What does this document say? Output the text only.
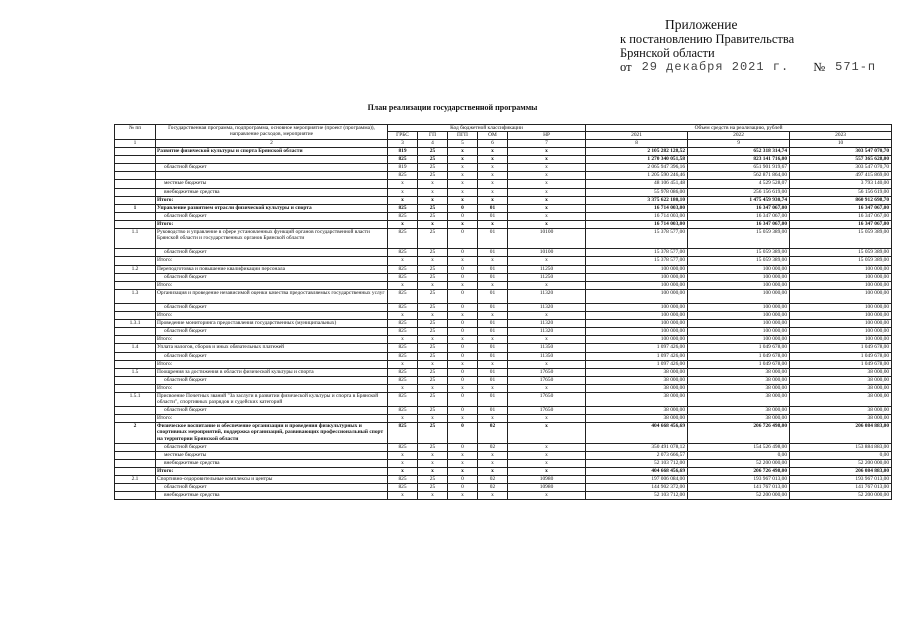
Приложение
к постановлению Правительства
Брянской области
от 29 декабря 2021 г. № 571-п
План реализации государственной программы
№ пп	Государственная программа, подпрограмма, основное мероприятие (проект (программа)), направление расходов, мероприятие	Код бюджетной классификации					Объем средств на реализацию, рублей		
		ГРБС	ГП	ПГП	ОМ	НР	2021	2022	2023
1	2	3	4	5	6	7	8	9	10
	Развитие физической культуры и спорта Брянской области	819	25	х	х	х	2 105 282 128,52	652 318 314,74	303 547 070,70
		825	25	х	х	х	1 270 340 051,58	823 141 716,00	557 365 628,00
	областной бюджет	819	25	х	х	х	2 065 947 396,16	651 901 919,67	303 547 070,70
		825	25	х	х	х	1 205 590 246,46	562 871 864,00	497 415 869,00
	местные бюджеты	х	х	х	х	х	48 106 451,48	4 529 528,07	3 793 140,00
	внебюджетные средства	х	х	х	х	х	55 978 086,00	256 156 619,00	56 156 619,00
	Итого:	х	х	х	х	х	3 375 622 180,10	1 475 459 930,74	860 912 698,70
1	Управление развитием отрасли физической культуры и спорта	825	25	0	01	х	16 714 003,00	16 347 067,00	16 347 067,00
	областной бюджет	825	25	0	01	х	16 714 003,00	16 347 067,00	16 347 067,00
	Итого:	х	х	х	х	х	16 714 003,00	16 347 067,00	16 347 067,00
1.1	Руководство и управление в сфере установленных функций органов государственной власти Брянской области и государственных органов Брянской области	825	25	0	01	10100	15 378 577,00	15 059 389,00	15 059 389,00
	областной бюджет	825	25	0	01	10100	15 378 577,00	15 059 389,00	15 059 389,00
	Итого:	х	х	х	х	х	15 378 577,00	15 059 389,00	15 059 389,00
1.2	Переподготовка и повышение квалификации персонала	825	25	0	01	11250	100 000,00	100 000,00	100 000,00
	областной бюджет	825	25	0	01	11250	100 000,00	100 000,00	100 000,00
	Итого:	х	х	х	х	х	100 000,00	100 000,00	100 000,00
1.3	Организация и проведение независимой оценки качества предоставляемых государственных услуг	825	25	0	01	11320	100 000,00	100 000,00	100 000,00
	областной бюджет	825	25	0	01	11320	100 000,00	100 000,00	100 000,00
	Итого:	х	х	х	х	х	100 000,00	100 000,00	100 000,00
1.3.1	Проведение мониторинга предоставления государственных (муниципальных)	825	25	0	01	11320	100 000,00	100 000,00	100 000,00
	областной бюджет	825	25	0	01	11320	100 000,00	100 000,00	100 000,00
	Итого:	х	х	х	х	х	100 000,00	100 000,00	100 000,00
1.4	Уплата налогов, сборов и иных обязательных платежей	825	25	0	01	11350	1 097 426,00	1 049 678,00	1 049 678,00
	областной бюджет	825	25	0	01	11350	1 097 426,00	1 049 678,00	1 049 678,00
	Итого:	х	х	х	х	х	1 097 426,00	1 049 678,00	1 049 678,00
1.5	Поощрения за достижения в области физической культуры и спорта	825	25	0	01	17650	38 000,00	38 000,00	38 000,00
	областной бюджет	825	25	0	01	17650	38 000,00	38 000,00	38 000,00
	Итого:	х	х	х	х	х	38 000,00	38 000,00	38 000,00
1.5.1	Присвоение Почетных званий "За заслуги в развитии физической культуры и спорта в Брянской области", спортивных разрядов и судейских категорий	825	25	0	01	17650	38 000,00	38 000,00	38 000,00
	областной бюджет	825	25	0	01	17650	38 000,00	38 000,00	38 000,00
	Итого:	х	х	х	х	х	38 000,00	38 000,00	38 000,00
2	Физическое воспитание и обеспечение организации и проведения физкультурных и спортивных мероприятий, поддержка организаций, развивающих профессиональный спорт на территории Брянской области	825	25	0	02	х	404 668 456,69	206 726 498,00	206 084 883,00
	областной бюджет	825	25	0	02	х	350 491 078,12	154 526 498,00	153 884 883,00
	местные бюджеты	х	х	х	х	х	2 073 666,57	0,00	0,00
	внебюджетные средства	х	х	х	х	х	52 103 712,00	52 200 000,00	52 200 000,00
	Итого:	х	х	х	х	х	404 668 456,69	206 726 498,00	206 084 883,00
2.1	Спортивно-оздоровительные комплексы и центры	825	25	0	02	10980	197 006 084,00	193 967 013,00	193 967 013,00
	областной бюджет	825	25	0	02	10980	144 902 372,00	141 767 013,00	141 767 013,00
	внебюджетные средства	х	х	х	х	х	52 103 712,00	52 200 000,00	52 200 000,00
